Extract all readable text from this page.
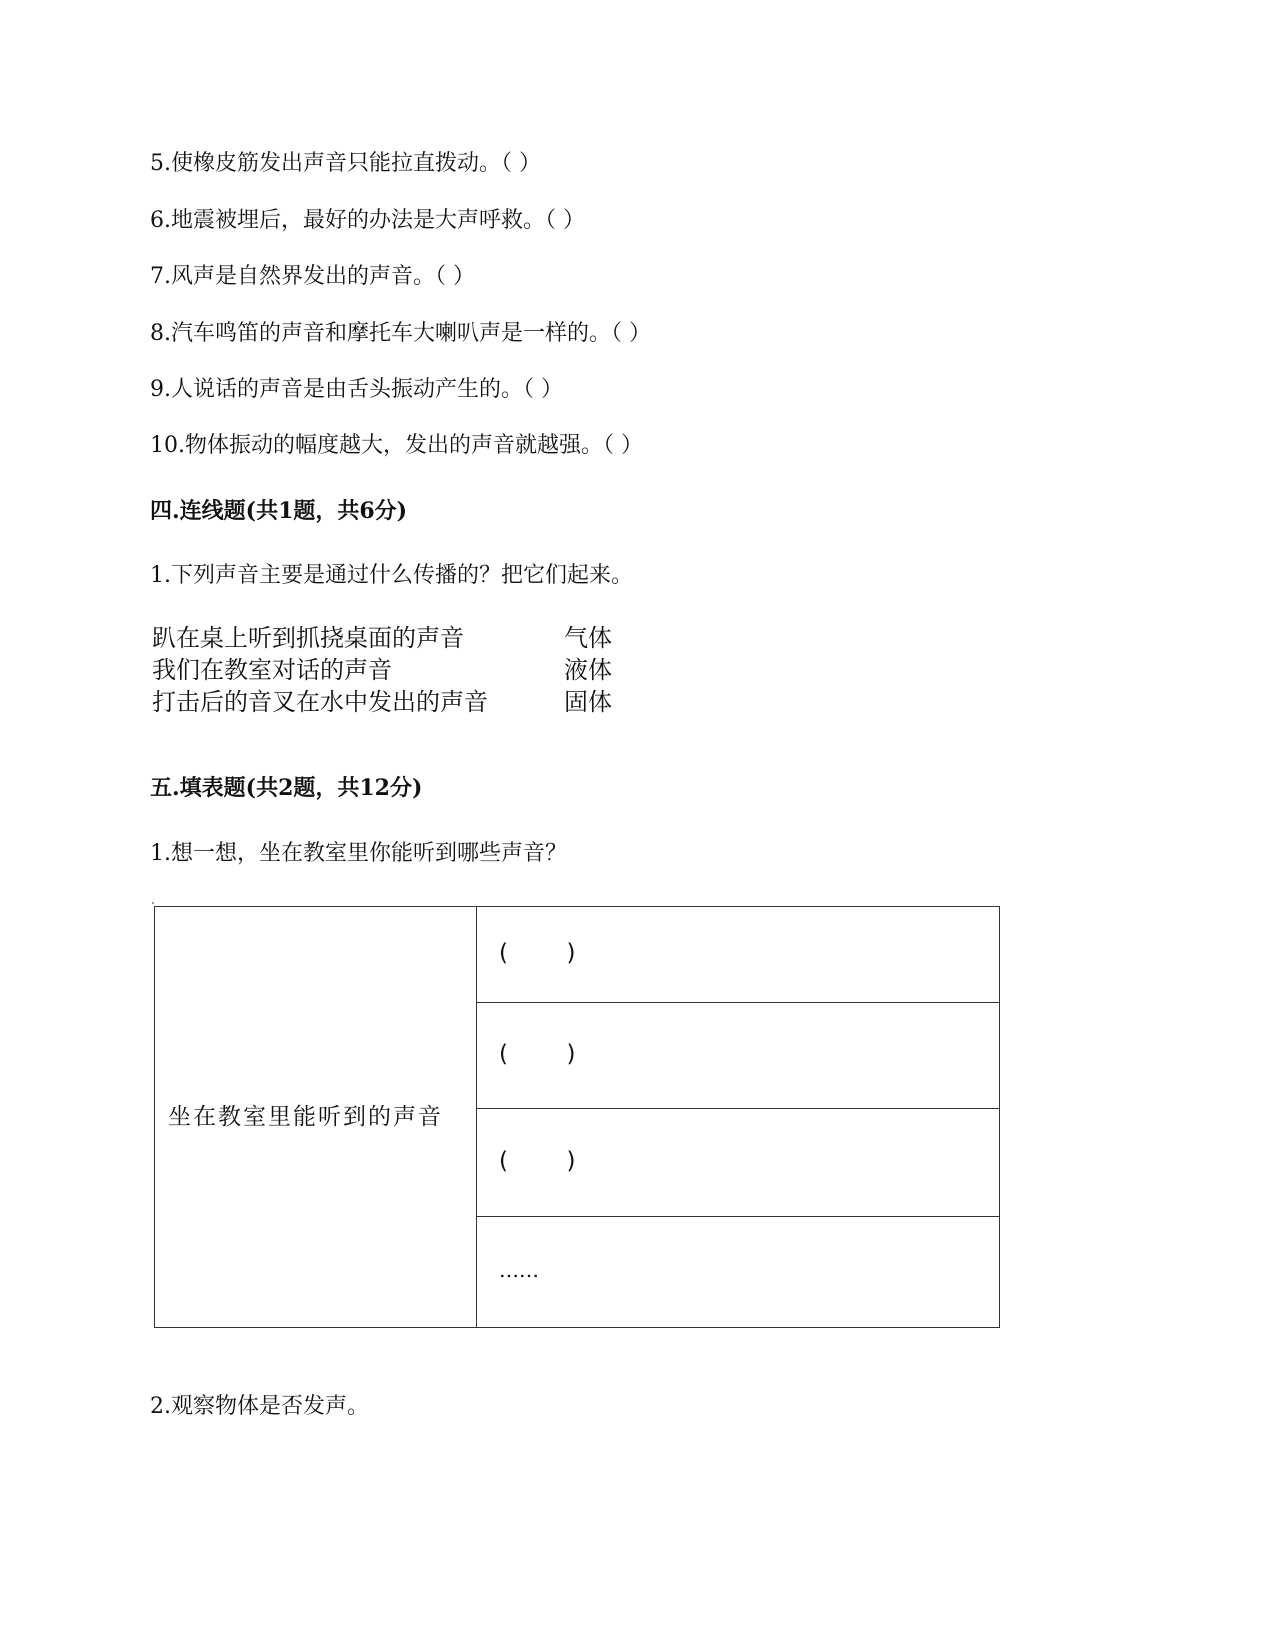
5.使橡皮筋发出声音只能拉直拨动。（ ）
6.地震被埋后，最好的办法是大声呼救。（ ）
7.风声是自然界发出的声音。（ ）
8.汽车鸣笛的声音和摩托车大喇叭声是一样的。（ ）
9.人说话的声音是由舌头振动产生的。（ ）
10.物体振动的幅度越大，发出的声音就越强。（ ）
四.连线题(共1题，共6分)
1.下列声音主要是通过什么传播的？把它们起来。
趴在桌上听到抓挠桌面的声音	气体
我们在教室对话的声音	液体
打击后的音叉在水中发出的声音	固体
五.填表题(共2题，共12分)
1.想一想，坐在教室里你能听到哪些声音？
坐在教室里能听到的声音	(        )
(        )
(        )
……
2.观察物体是否发声。
